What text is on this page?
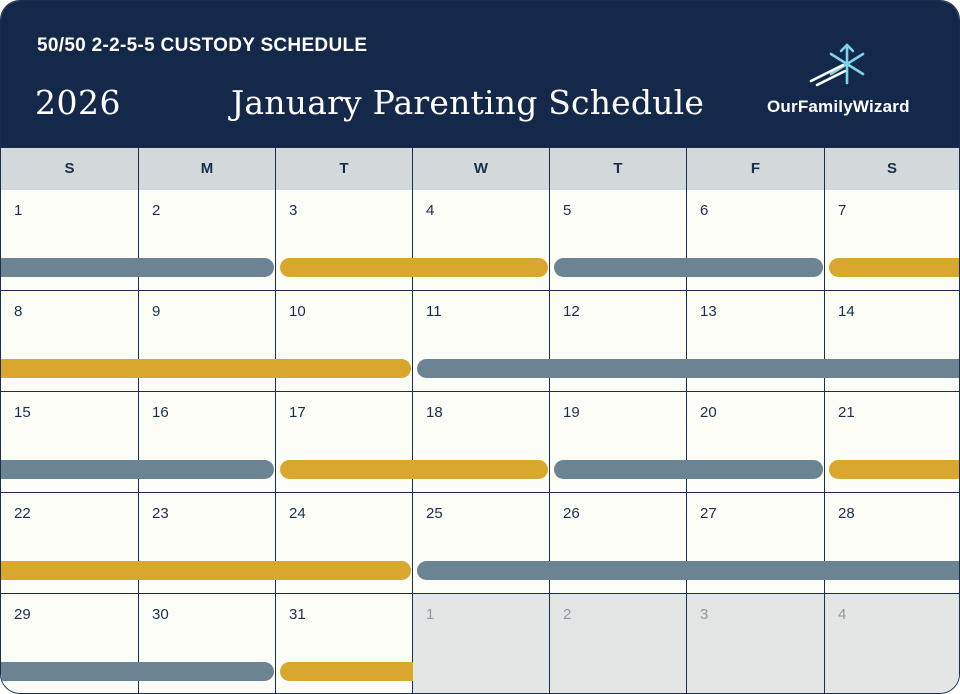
50/50 2-2-5-5 CUSTODY SCHEDULE
2026	January Parenting Schedule	OurFamilyWizard
S	M	T	W	T	F	S
1	2	3	4	5	6	7
8	9	10	11	12	13	14
15	16	17	18	19	20	21
22	23	24	25	26	27	28
29	30	31	1	2	3	4
